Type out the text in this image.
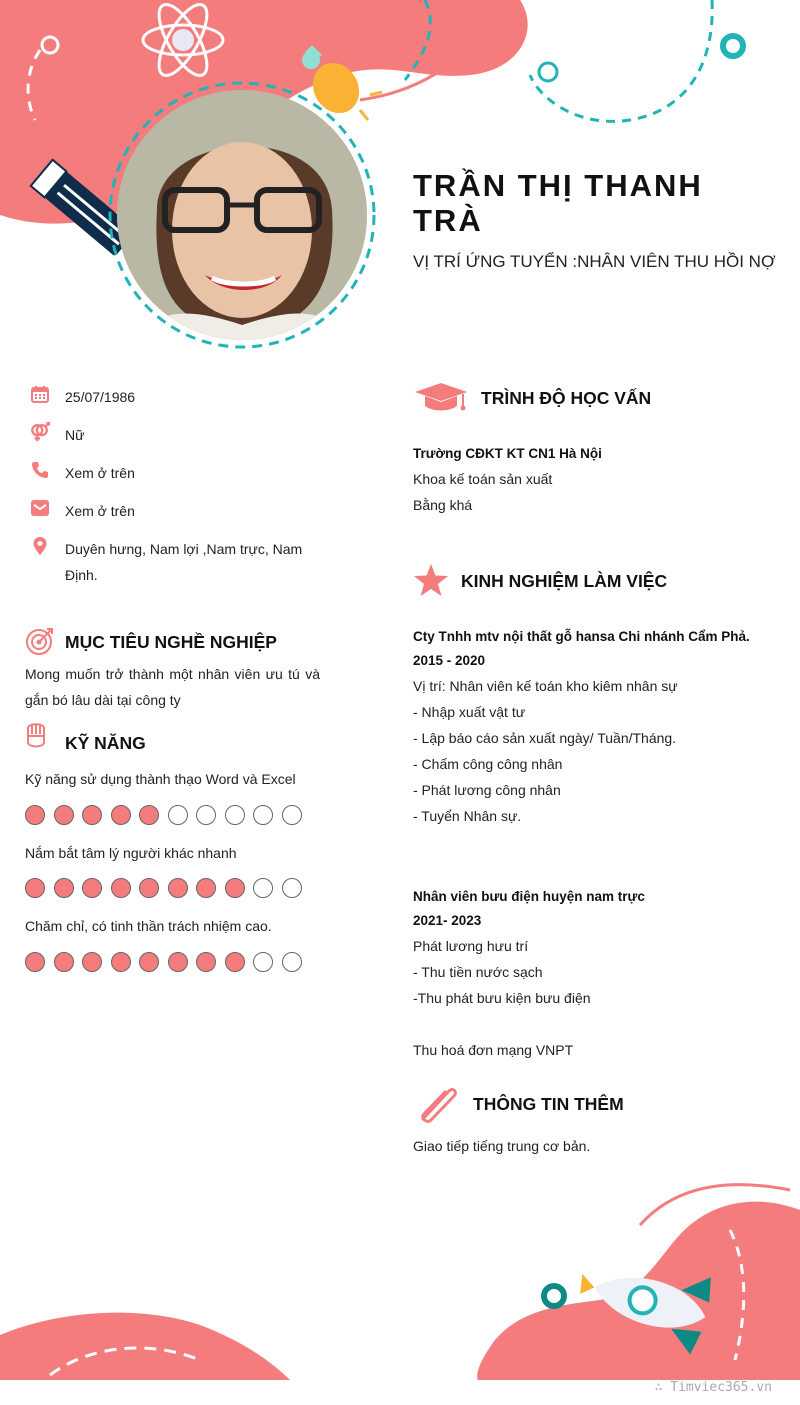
TRẦN THỊ THANH TRÀ
VỊ TRÍ ỨNG TUYỂN :NHÂN VIÊN THU HỒI NỢ
25/07/1986
Nữ
Xem ở trên
Xem ở trên
Duyên hưng, Nam lợi ,Nam trực, Nam Định.
MỤC TIÊU NGHỀ NGHIỆP
Mong muốn trở thành một nhân viên ưu tú và gắn bó lâu dài tại công ty
KỸ NĂNG
Kỹ năng sử dụng thành thạo Word và Excel
Nắm bắt tâm lý người khác nhanh
Chăm chỉ, có tinh thần trách nhiệm cao.
TRÌNH ĐỘ HỌC VẤN
Trường CĐKT KT CN1 Hà Nội
Khoa kế toán sản xuất
Bằng khá
KINH NGHIỆM LÀM VIỆC
Cty Tnhh mtv nội thất gỗ hansa Chi nhánh Cẩm Phả.
2015 - 2020
Vị trí: Nhân viên kế toán kho kiêm nhân sự
- Nhập xuất vật tư
- Lập báo cáo sản xuất ngày/ Tuần/Tháng.
- Chấm công công nhân
- Phát lương công nhân
- Tuyển Nhân sự.
Nhân viên bưu điện huyện nam trực
2021- 2023
Phát lương hưu trí
- Thu tiền nước sạch
-Thu phát bưu kiện bưu điện
Thu hoá đơn mạng VNPT
THÔNG TIN THÊM
Giao tiếp tiếng trung cơ bản.
∴ Timviec365.vn
